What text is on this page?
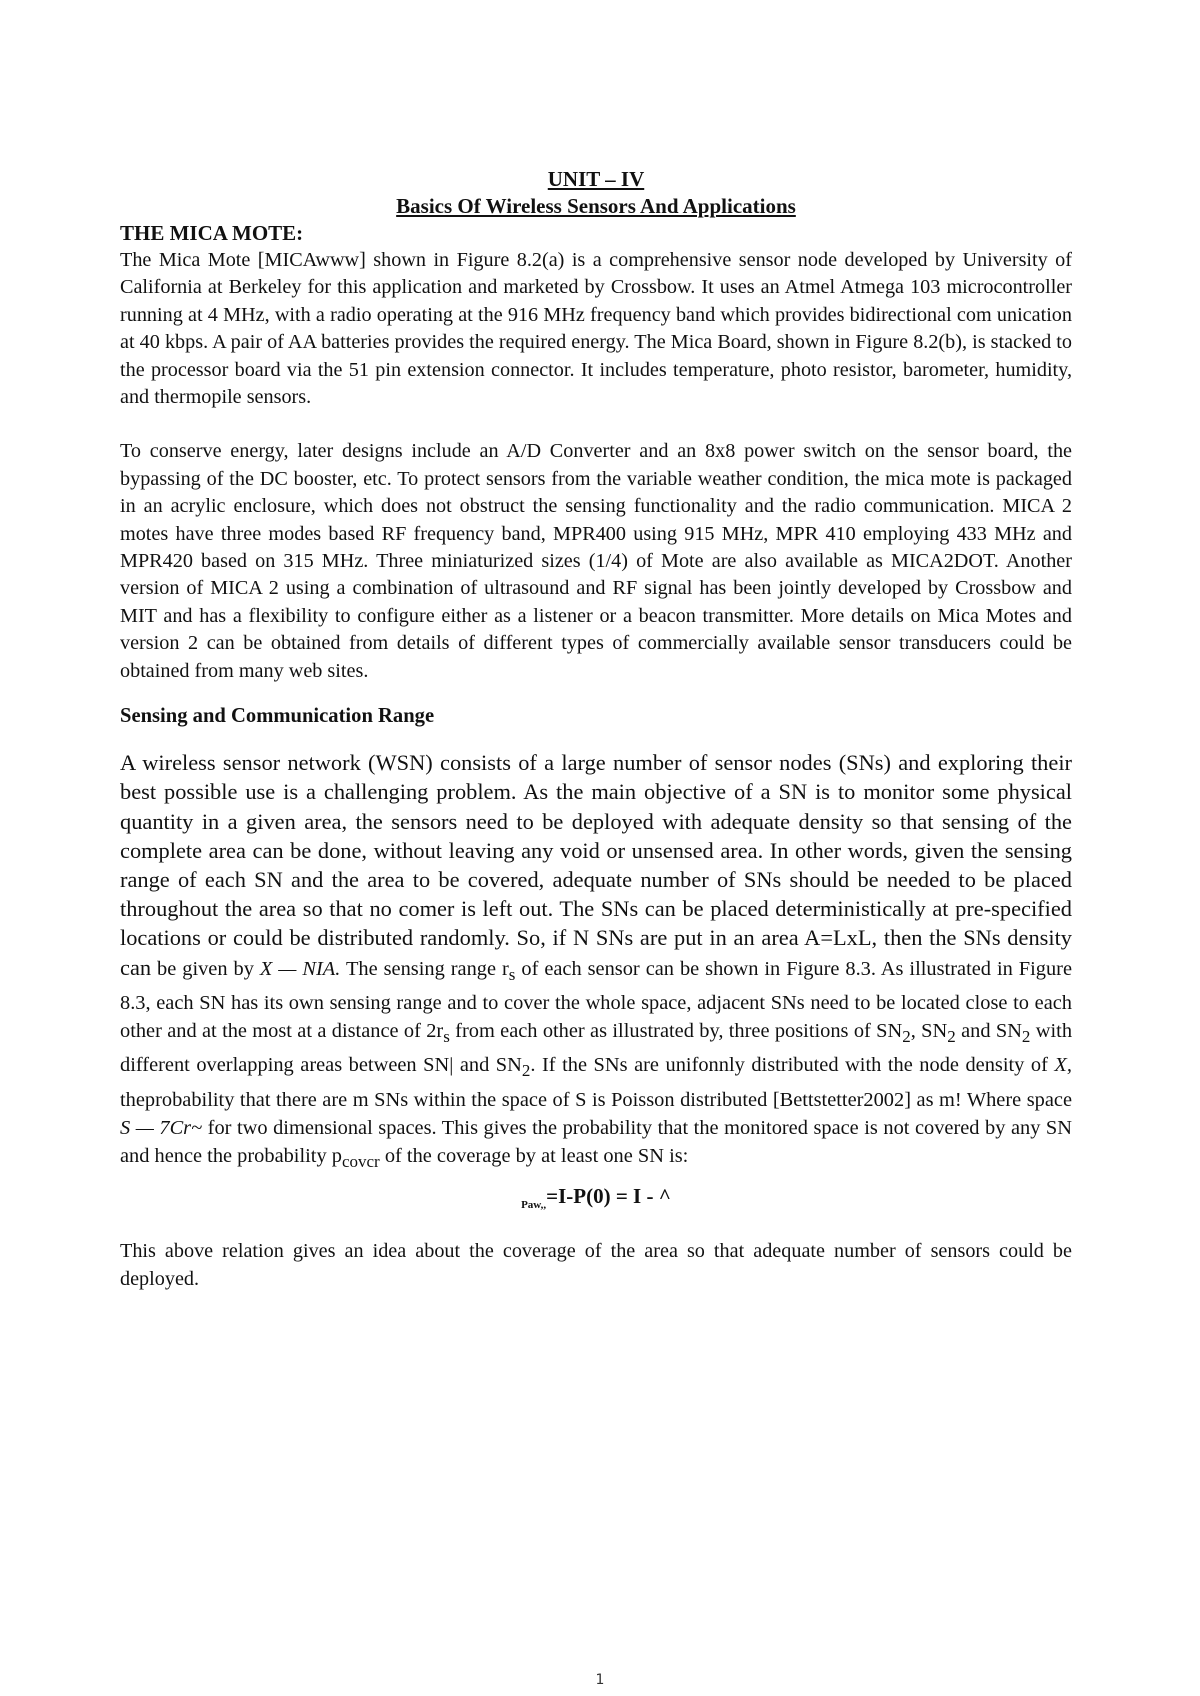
UNIT – IV
Basics Of Wireless Sensors And Applications
THE MICA MOTE:

The Mica Mote [MICAwww] shown in Figure 8.2(a) is a comprehensive sensor node developed by University of California at Berkeley for this application and marketed by Crossbow. It uses an Atmel Atmega 103 microcontroller running at 4 MHz, with a radio operating at the 916 MHz frequency band which provides bidirectional com unication at 40 kbps. A pair of AA batteries provides the required energy. The Mica Board, shown in Figure 8.2(b), is stacked to the processor board via the 51 pin extension connector. It includes temperature, photo resistor, barometer, humidity, and thermopile sensors.

To conserve energy, later designs include an A/D Converter and an 8x8 power switch on the sensor board, the bypassing of the DC booster, etc. To protect sensors from the variable weather condition, the mica mote is packaged in an acrylic enclosure, which does not obstruct the sensing functionality and the radio communication. MICA 2 motes have three modes based RF frequency band, MPR400 using 915 MHz, MPR 410 employing 433 MHz and MPR420 based on 315 MHz. Three miniaturized sizes (1/4) of Mote are also available as MICA2DOT. Another version of MICA 2 using a combination of ultrasound and RF signal has been jointly developed by Crossbow and MIT and has a flexibility to configure either as a listener or a beacon transmitter. More details on Mica Motes and version 2 can be obtained from details of different types of commercially available sensor transducers could be obtained from many web sites.

Sensing and Communication Range

A wireless sensor network (WSN) consists of a large number of sensor nodes (SNs) and exploring their best possible use is a challenging problem. As the main objective of a SN is to monitor some physical quantity in a given area, the sensors need to be deployed with adequate density so that sensing of the complete area can be done, without leaving any void or unsensed area. In other words, given the sensing range of each SN and the area to be covered, adequate number of SNs should be needed to be placed throughout the area so that no comer is left out. The SNs can be placed deterministically at pre-specified locations or could be distributed randomly. So, if N SNs are put in an area A=LxL, then the SNs density can be given by X — NIA. The sensing range $r_s$ of each sensor can be shown in Figure 8.3. As illustrated in Figure 8.3, each SN has its own sensing range and to cover the whole space, adjacent SNs need to be located close to each other and at the most at a distance of $2r_s$ from each other as illustrated by, three positions of $SN_2$, $SN_2$ and $SN_2$ with different overlapping areas between SN| and $SN_2$. If the SNs are unifonnly distributed with the node density of X, theprobability that there are m SNs within the space of S is Poisson distributed [Bettstetter2002] as m! Where space S — 7Cr~ for two dimensional spaces. This gives the probability that the monitored space is not covered by any SN and hence the probability $p_{covcr}$ of the coverage by at least one SN is:

$_{Paw,,}$=I-P(0) = I - ^

This above relation gives an idea about the coverage of the area so that adequate number of sensors could be deployed.

1
